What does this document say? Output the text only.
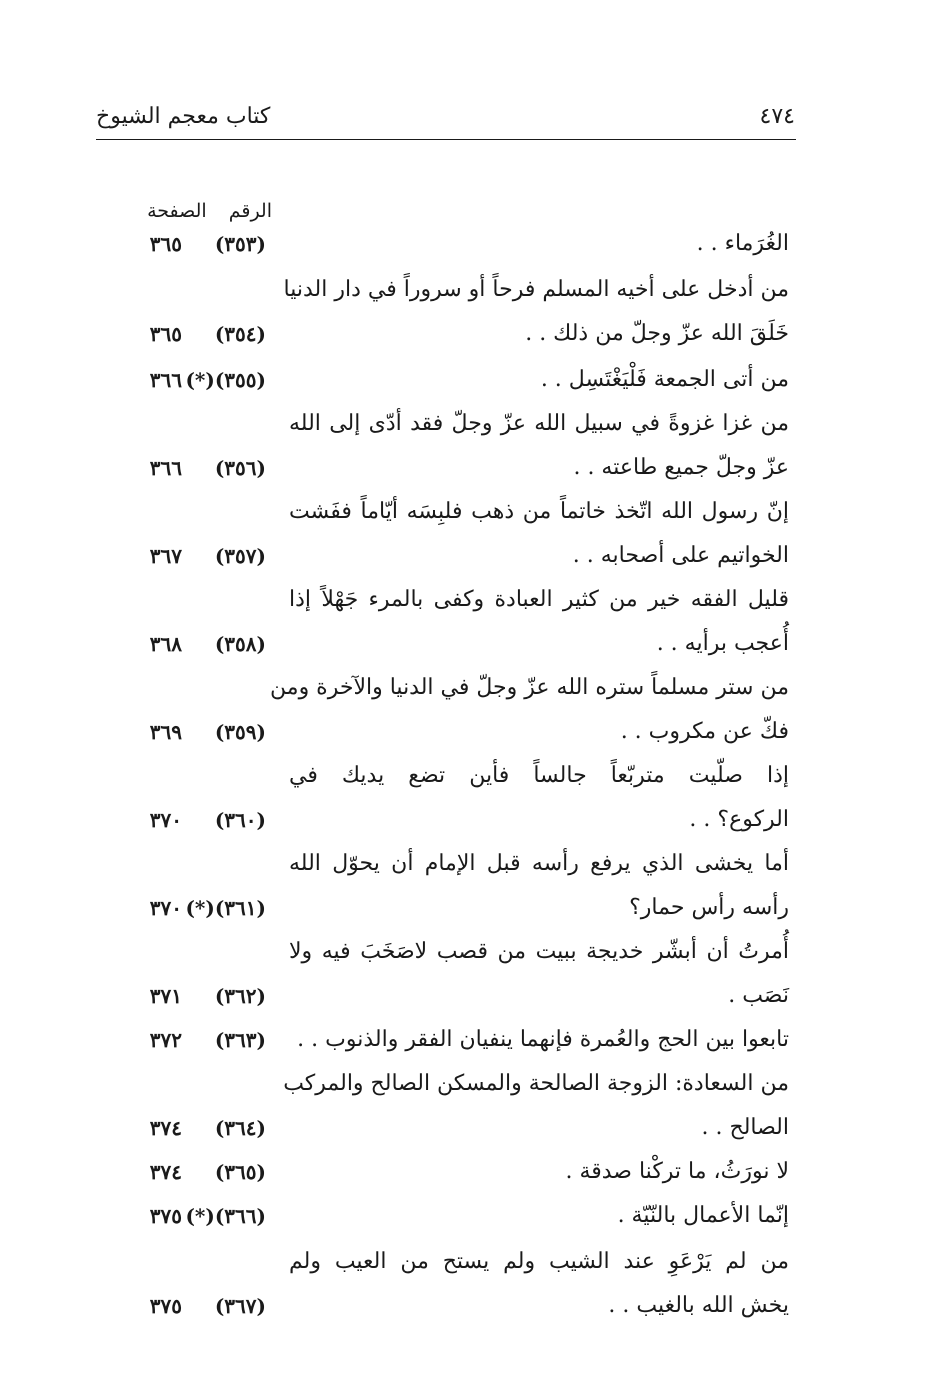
كتاب معجم الشيوخ	٤٧٤
الرقم الصفحة
الغُرَماء . .
(٣٥٣)
٣٦٥
من أدخل على أخيه المسلم فرحاً أو سروراً في دار الدنيا
خَلَقَ الله عزّ وجلّ من ذلك . .
(٣٥٤)
٣٦٥
من أتى الجمعة فَلْيَغْتَسِل . .
(٣٥٥)(*)
٣٦٦
من غزا غزوةً في سبيل الله عزّ وجلّ فقد أدّى إلى الله
عزّ وجلّ جميع طاعته . .
(٣٥٦)
٣٦٦
إنّ رسول الله اتّخذ خاتماً من ذهب فلبِسَه أيّاماً ففَشت
الخواتيم على أصحابه . .
(٣٥٧)
٣٦٧
قليل الفقه خير من كثير العبادة وكفى بالمرء جَهْلاً إذا
أُعجب برأيه . .
(٣٥٨)
٣٦٨
من ستر مسلماً ستره الله عزّ وجلّ في الدنيا والآخرة ومن
فكّ عن مكروب . .
(٣٥٩)
٣٦٩
إذا صلّيت متربّعاً جالساً فأين تضع يديك في
الركوع؟ . .
(٣٦٠)
٣٧٠
أما يخشى الذي يرفع رأسه قبل الإمام أن يحوّل الله
رأسه رأس حمار؟
(٣٦١)(*)
٣٧٠
أُمرتُ أن أبشّر خديجة ببيت من قصب لاصَخَبَ فيه ولا
نَصَب .
(٣٦٢)
٣٧١
تابعوا بين الحج والعُمرة فإنهما ينفيان الفقر والذنوب . .
(٣٦٣)
٣٧٢
من السعادة: الزوجة الصالحة والمسكن الصالح والمركب
الصالح . .
(٣٦٤)
٣٧٤
لا نورَثُ، ما تركْنا صدقة .
(٣٦٥)
٣٧٤
إنّما الأعمال بالنّيّة .
(٣٦٦)(*)
٣٧٥
من لم يَرْعَوِ عند الشيب ولم يستح من العيب ولم
يخش الله بالغيب . .
(٣٦٧)
٣٧٥
